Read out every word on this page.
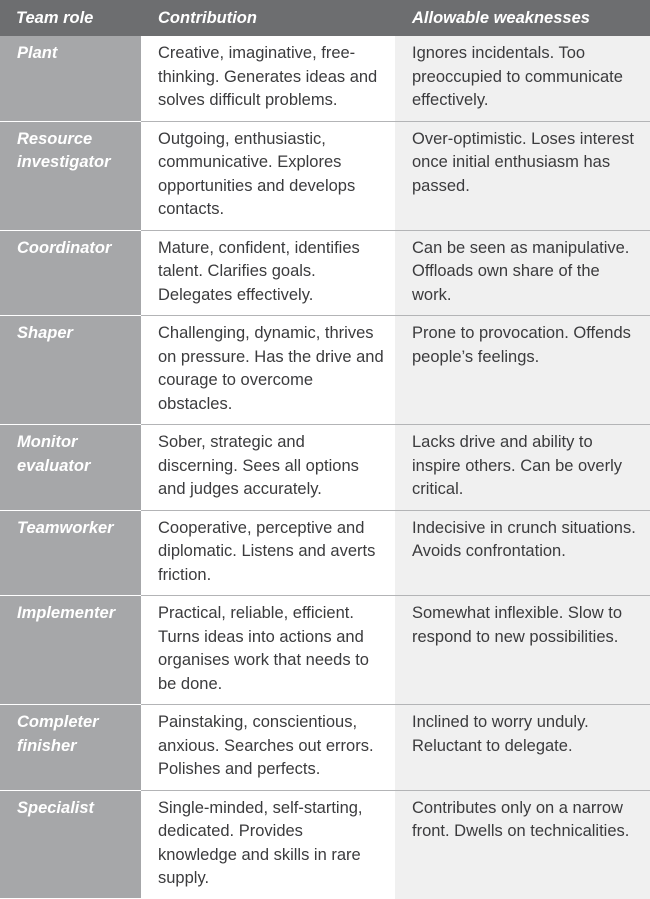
Team role	Contribution	Allowable weaknesses
Plant	Creative, imaginative, free-thinking. Generates ideas and solves difficult problems.	Ignores incidentals. Too preoccupied to communicate effectively.
Resource investigator	Outgoing, enthusiastic, communicative. Explores opportunities and develops contacts.	Over-optimistic. Loses interest once initial enthusiasm has passed.
Coordinator	Mature, confident, identifies talent. Clarifies goals. Delegates effectively.	Can be seen as manipulative. Offloads own share of the work.
Shaper	Challenging, dynamic, thrives on pressure. Has the drive and courage to overcome obstacles.	Prone to provocation. Offends people’s feelings.
Monitor evaluator	Sober, strategic and discerning. Sees all options and judges accurately.	Lacks drive and ability to inspire others. Can be overly critical.
Teamworker	Cooperative, perceptive and diplomatic. Listens and averts friction.	Indecisive in crunch situations. Avoids confrontation.
Implementer	Practical, reliable, efficient. Turns ideas into actions and organises work that needs to be done.	Somewhat inflexible. Slow to respond to new possibilities.
Completer finisher	Painstaking, conscientious, anxious. Searches out errors. Polishes and perfects.	Inclined to worry unduly. Reluctant to delegate.
Specialist	Single-minded, self-starting, dedicated. Provides knowledge and skills in rare supply.	Contributes only on a narrow front. Dwells on technicalities.
